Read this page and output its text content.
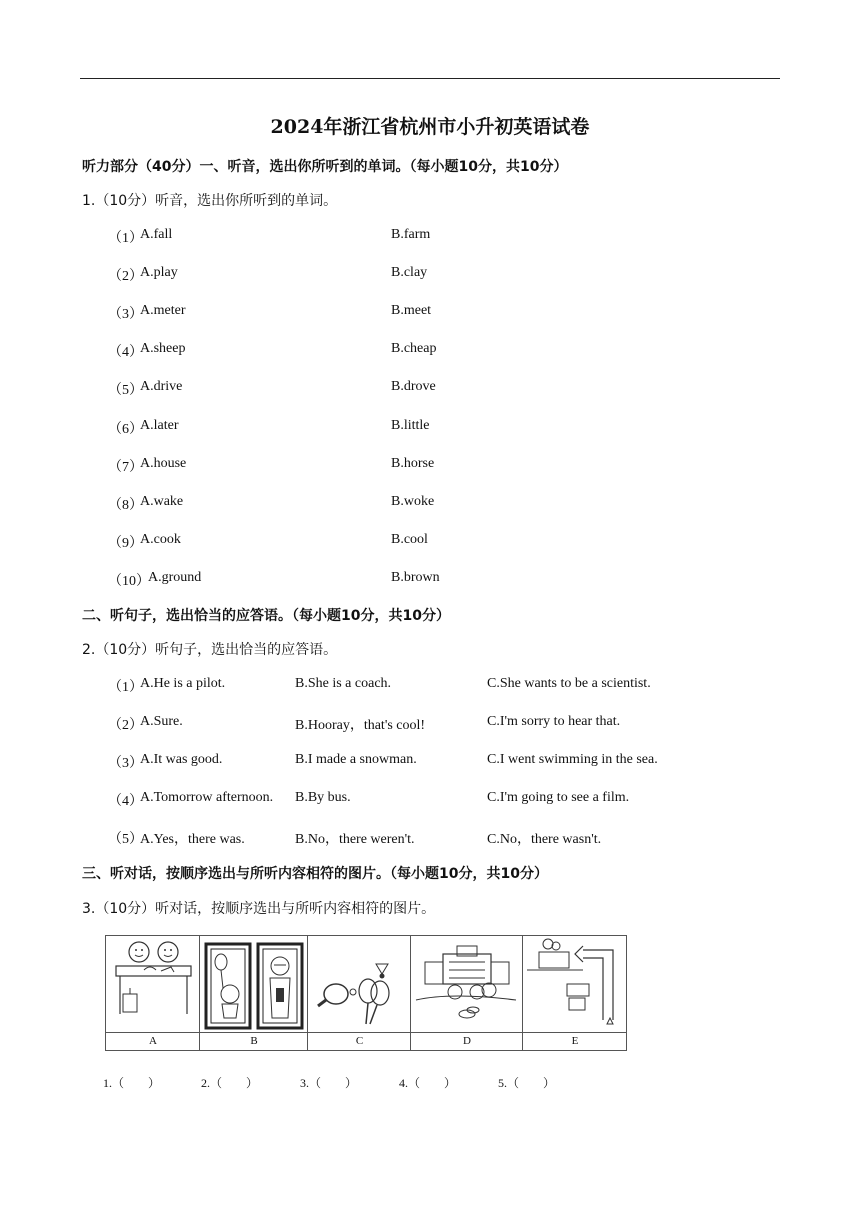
2024年浙江省杭州市小升初英语试卷
听力部分（40分）一、听音，选出你所听到的单词。（每小题10分，共10分）
1.（10分）听音，选出你所听到的单词。
（1）
A.fall	B.farm
（2）
A.play	B.clay
（3）
A.meter	B.meet
（4）
A.sheep	B.cheap
（5）
A.drive	B.drove
（6）
A.later	B.little
（7）
A.house	B.horse
（8）
A.wake	B.woke
（9）
A.cook	B.cool
（10）
A.ground	B.brown
二、听句子，选出恰当的应答语。（每小题10分，共10分）
2.（10分）听句子，选出恰当的应答语。
（1）
A.He is a pilot.	B.She is a coach.	C.She wants to be a scientist.
（2）
A.Sure.	B.Hooray，that's cool!	C.I'm sorry to hear that.
（3）
A.It was good.	B.I made a snowman.	C.I went swimming in the sea.
（4）
A.Tomorrow afternoon. B.By bus.	C.I'm going to see a film.
（5）
A.Yes，there was.	B.No，there weren't.	C.No，there wasn't.
三、听对话，按顺序选出与所听内容相符的图片。（每小题10分，共10分）
3.（10分）听对话，按顺序选出与所听内容相符的图片。
A	B	C	D	E
1.（　　）	2.（　　）	3.（　　）	4.（　　）	5.（　　）
